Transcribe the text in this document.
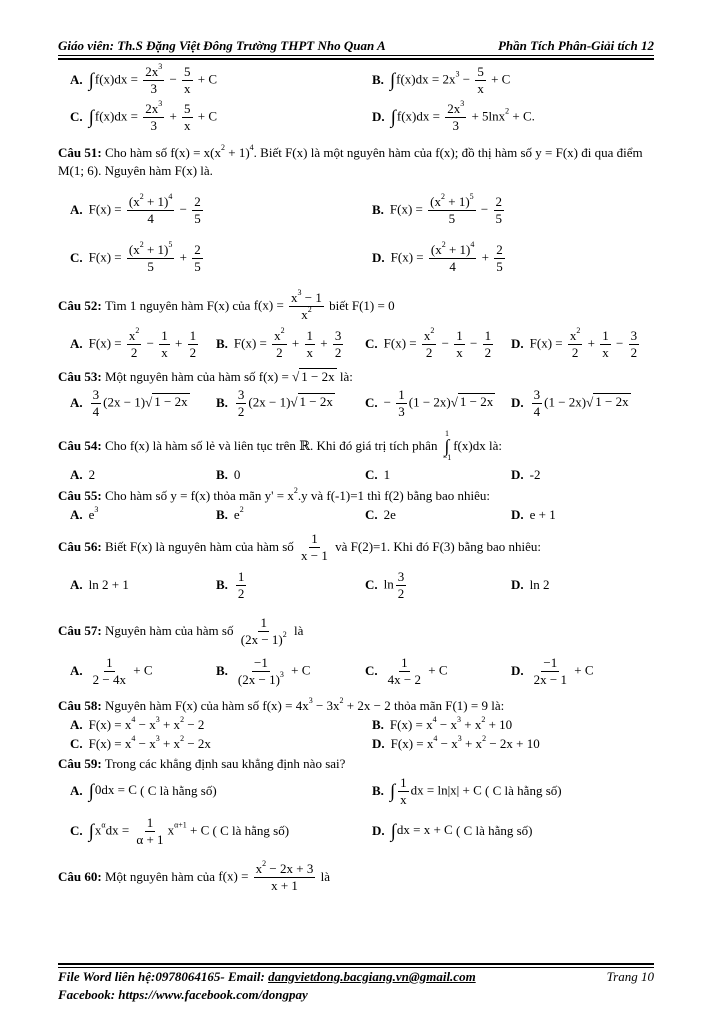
Giáo viên: Th.S Đặng Việt Đông Trường THPT Nho Quan A	Phần Tích Phân-Giải tích 12
A. $\int f(x)dx = \frac{2x^3}{3} - \frac{5}{x} + C$	B. $\int f(x)dx = 2x^3 - \frac{5}{x} + C$
C. $\int f(x)dx = \frac{2x^3}{3} + \frac{5}{x} + C$	D. $\int f(x)dx = \frac{2x^3}{3} + 5\ln x^2 + C$.
Câu 51: Cho hàm số $f(x) = x(x^2 + 1)^4$. Biết F(x) là một nguyên hàm của f(x); đồ thị hàm số y = F(x) đi qua điểm
M(1; 6). Nguyên hàm F(x) là.
A. $F(x) = \frac{(x^2 + 1)^4}{4} - \frac{2}{5}$	B. $F(x) = \frac{(x^2 + 1)^5}{5} - \frac{2}{5}$
C. $F(x) = \frac{(x^2 + 1)^5}{5} + \frac{2}{5}$	D. $F(x) = \frac{(x^2 + 1)^4}{4} + \frac{2}{5}$
Câu 52:
Tìm 1 nguyên hàm F(x) của
$f(x) = \frac{x^3 - 1}{x^2}$
biết F(1) = 0
A. $F(x) = \frac{x^2}{2} - \frac{1}{x} + \frac{1}{2} B$. $F(x) = \frac{x^2}{2} + \frac{1}{x} + \frac{3}{2} C$. $F(x) = \frac{x^2}{2} - \frac{1}{x} - \frac{1}{2} D$. $F(x) = \frac{x^2}{2} + \frac{1}{x} - \frac{3}{2}$
Câu 53: Một nguyên hàm của hàm số f(x) = √ 1 − 2x là:
A. $\frac{3}{4} (2x - 1)√$ 1 − 2x B. $\frac{3}{2} (2x - 1)√$ 1 − 2x C. − $\frac{1}{3} (1 - 2x)√$ 1 − 2x D. $\frac{3}{4} (1 - 2x)√$ 1 − 2x
Câu 54:
Cho
f(x)
là hàm số lẻ và liên tục trên ℝ . Khi đó giá trị tích phân

1
∫
−1
f(x)dx
là:
A. 2	B. 0	C. 1	D. -2
Câu 55: Cho hàm số y = f(x) thỏa mãn $y' = x^2.y$ và f(-1)=1 thì f(2) bằng bao nhiêu:
A. $e^3$	B. $e^2$	C. 2e	D. e + 1
Câu 56:
Biết F(x) là nguyên hàm của hàm số

1
x − 1

và F(2)=1. Khi đó F(3) bằng bao nhiêu:
A. ln 2 + 1	B.
1
2
C. $\ln \frac{3}{2}$	D. ln 2
Câu 57:
Nguyên hàm của hàm số

1
$(2x - 1)^2$
là
A. $\frac{1}{2 - 4x} + C$	B. $\frac{-1}{(2x - 1)^3} + C$	C. $\frac{1}{4x - 2} + C$	D. $\frac{-1}{2x - 1} + C$
Câu 58: Nguyên hàm F(x) của hàm số $f(x) = 4x^3 - 3x^2 + 2x - 2$ thỏa mãn F(1) = 9 là:
A. $F(x) = x^4 - x^3 + x^2 - 2$	B. $F(x) = x^4 - x^3 + x^2 + 10$
C. $F(x) = x^4 - x^3 + x^2 - 2x$	D. $F(x) = x^4 - x^3 + x^2 - 2x + 10$
Câu 59: Trong các khẳng định sau khẳng định nào sai?
A. ∫0dx = C
( C là hằng số)	B. ∫ $\frac{1}{x}$ dx = ln|x| + C
( C là hằng số)
C. $\int x^\alpha dx = \frac{1}{\alpha + 1} x^{\alpha+1} + C$
( C là hằng số)	D. ∫dx = x + C
( C là hằng số)
Câu 60:
Một nguyên hàm của
$f(x) = \frac{x^2 - 2x + 3}{x + 1}$
là
File Word liên hệ:0978064165- Email: dangvietdong.bacgiang.vn@gmail.com	Trang 10
Facebook: https://www.facebook.com/dongpay
